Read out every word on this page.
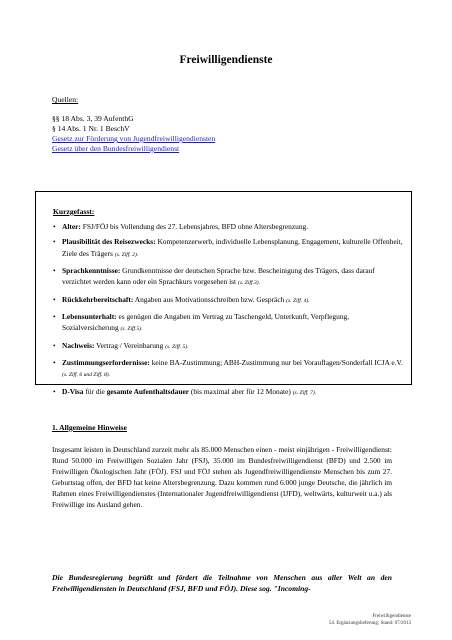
Freiwilligendienste
Quellen:
§§ 18 Abs. 3, 39 AufenthG
§ 14 Abs. 1 Nr. 1 BeschV
Gesetz zur Förderung von Jugendfreiwilligendiensten
Gesetz über den Bundesfreiwilligendienst
Kurzgefasst:
• Alter: FSJ/FÖJ bis Vollendung des 27. Lebensjahres, BFD ohne Altersbegrenzung.
• Plausibilität des Reisezwecks: Kompetenzerwerb, individuelle Lebensplanung, Engagement, kulturelle Offenheit, Ziele des Trägers (s. Ziff. 2).
• Sprachkenntnisse: Grundkenntnisse der deutschen Sprache bzw. Bescheinigung des Trägers, dass darauf verzichtet werden kann oder ein Sprachkurs vorgesehen ist (s. Ziff.3).
• Rückkehrbereitschaft: Angaben aus Motivationsschreiben bzw. Gespräch (s. Ziff. 4).
• Lebensunterhalt: es genügen die Angaben im Vertrag zu Taschengeld, Unterkunft, Verpflegung, Sozialversicherung (s. Ziff.5).
• Nachweis: Vertrag / Vereinbarung (s. Ziff. 5).
• Zustimmungserfordernisse: keine BA-Zustimmung; ABH-Zustimmung nur bei Vorauflagen/Sonderfall ICJA e.V. (s. Ziff. 6 und Ziff. 8).
• D-Visa für die gesamte Aufenthaltsdauer (bis maximal aber für 12 Monate) (s. Ziff. 7).
1. Allgemeine Hinweise
Insgesamt leisten in Deutschland zurzeit mehr als 85.000 Menschen einen - meist einjährigen - Freiwilligendienst: Rund 50.000 im Freiwilligen Sozialen Jahr (FSJ), 35.000 im Bundesfreiwilligendienst (BFD) und 2.500 im Freiwilligen Ökologischen Jahr (FÖJ). FSJ und FÖJ stehen als Jugendfreiwilligendienste Menschen bis zum 27. Geburtstag offen, der BFD hat keine Altersbegrenzung. Dazu kommen rund 6.000 junge Deutsche, die jährlich im Rahmen eines Freiwilligendienstes (Internationaler Jugendfreiwilligendienst (IJFD), weltwärts, kulturweit u.a.) als Freiwillige ins Ausland gehen.
Die Bundesregierung begrüßt und fördert die Teilnahme von Menschen aus aller Welt an den Freiwilligendiensten in Deutschland (FSJ, BFD und FÖJ). Diese sog. "Incoming-
Freiwilligendienste
54. Ergänzungslieferung; Stand: 07/2013
